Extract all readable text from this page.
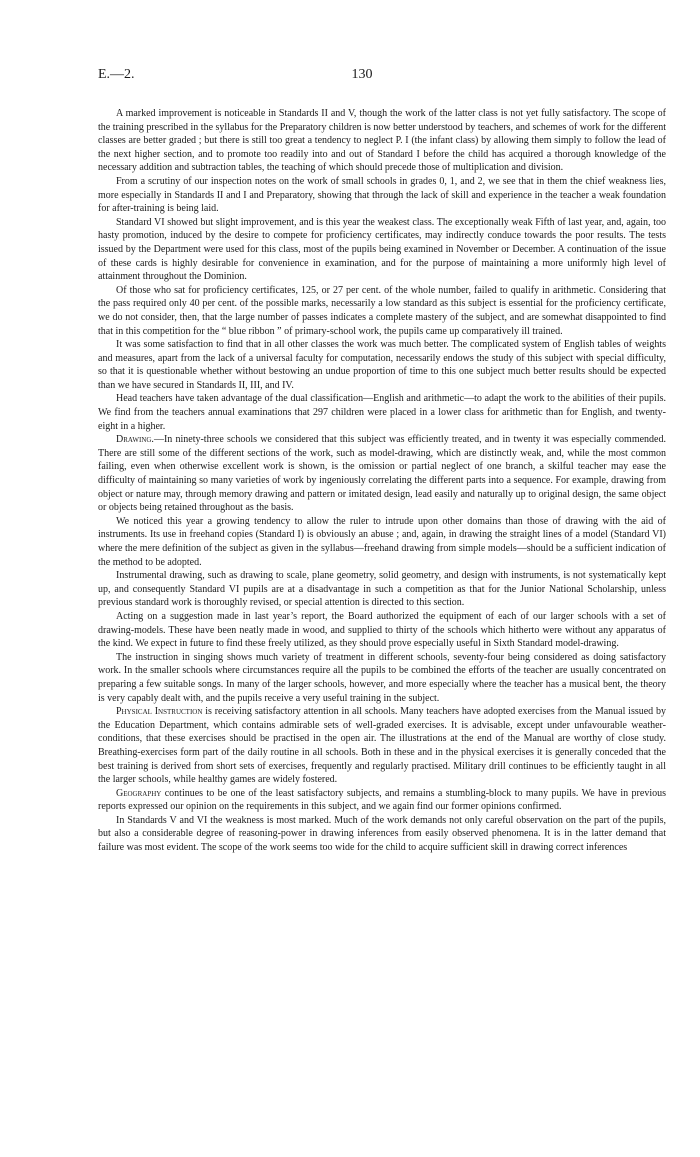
E.—2.	130

A marked improvement is noticeable in Standards II and V, though the work of the latter class is not yet fully satisfactory. The scope of the training prescribed in the syllabus for the Preparatory children is now better understood by teachers, and schemes of work for the different classes are better graded ; but there is still too great a tendency to neglect P. I (the infant class) by allowing them simply to follow the lead of the next higher section, and to promote too readily into and out of Standard I before the child has acquired a thorough knowledge of the necessary addition and subtraction tables, the teaching of which should precede those of multiplication and division.

From a scrutiny of our inspection notes on the work of small schools in grades 0, 1, and 2, we see that in them the chief weakness lies, more especially in Standards II and I and Preparatory, showing that through the lack of skill and experience in the teacher a weak foundation for after-training is being laid.

Standard VI showed but slight improvement, and is this year the weakest class. The exceptionally weak Fifth of last year, and, again, too hasty promotion, induced by the desire to compete for proficiency certificates, may indirectly conduce towards the poor results. The tests issued by the Department were used for this class, most of the pupils being examined in November or December. A continuation of the issue of these cards is highly desirable for convenience in examination, and for the purpose of maintaining a more uniformly high level of attainment throughout the Dominion.

Of those who sat for proficiency certificates, 125, or 27 per cent. of the whole number, failed to qualify in arithmetic. Considering that the pass required only 40 per cent. of the possible marks, necessarily a low standard as this subject is essential for the proficiency certificate, we do not consider, then, that the large number of passes indicates a complete mastery of the subject, and are somewhat disappointed to find that in this competition for the “ blue ribbon ” of primary-school work, the pupils came up comparatively ill trained.

It was some satisfaction to find that in all other classes the work was much better. The complicated system of English tables of weights and measures, apart from the lack of a universal faculty for computation, necessarily endows the study of this subject with special difficulty, so that it is questionable whether without bestowing an undue proportion of time to this one subject much better results should be expected than we have secured in Standards II, III, and IV.

Head teachers have taken advantage of the dual classification—English and arithmetic—to adapt the work to the abilities of their pupils. We find from the teachers annual examinations that 297 children were placed in a lower class for arithmetic than for English, and twenty-eight in a higher.

Drawing.—In ninety-three schools we considered that this subject was efficiently treated, and in twenty it was especially commended. There are still some of the different sections of the work, such as model-drawing, which are distinctly weak, and, while the most common failing, even when otherwise excellent work is shown, is the omission or partial neglect of one branch, a skilful teacher may ease the difficulty of maintaining so many varieties of work by ingeniously correlating the different parts into a sequence. For example, drawing from object or nature may, through memory drawing and pattern or imitated design, lead easily and naturally up to original design, the same object or objects being retained throughout as the basis.

We noticed this year a growing tendency to allow the ruler to intrude upon other domains than those of drawing with the aid of instruments. Its use in freehand copies (Standard I) is obviously an abuse ; and, again, in drawing the straight lines of a model (Standard VI) where the mere definition of the subject as given in the syllabus—freehand drawing from simple models—should be a sufficient indication of the method to be adopted.

Instrumental drawing, such as drawing to scale, plane geometry, solid geometry, and design with instruments, is not systematically kept up, and consequently Standard VI pupils are at a disadvantage in such a competition as that for the Junior National Scholarship, unless previous standard work is thoroughly revised, or special attention is directed to this section.

Acting on a suggestion made in last year’s report, the Board authorized the equipment of each of our larger schools with a set of drawing-models. These have been neatly made in wood, and supplied to thirty of the schools which hitherto were without any apparatus of the kind. We expect in future to find these freely utilized, as they should prove especially useful in Sixth Standard model-drawing.

The instruction in singing shows much variety of treatment in different schools, seventy-four being considered as doing satisfactory work. In the smaller schools where circumstances require all the pupils to be combined the efforts of the teacher are usually concentrated on preparing a few suitable songs. In many of the larger schools, however, and more especially where the teacher has a musical bent, the theory is very capably dealt with, and the pupils receive a very useful training in the subject.

Physical Instruction is receiving satisfactory attention in all schools. Many teachers have adopted exercises from the Manual issued by the Education Department, which contains admirable sets of well-graded exercises. It is advisable, except under unfavourable weather-conditions, that these exercises should be practised in the open air. The illustrations at the end of the Manual are worthy of close study. Breathing-exercises form part of the daily routine in all schools. Both in these and in the physical exercises it is generally conceded that the best training is derived from short sets of exercises, frequently and regularly practised. Military drill continues to be efficiently taught in all the larger schools, while healthy games are widely fostered.

Geography continues to be one of the least satisfactory subjects, and remains a stumbling-block to many pupils. We have in previous reports expressed our opinion on the requirements in this subject, and we again find our former opinions confirmed.

In Standards V and VI the weakness is most marked. Much of the work demands not only careful observation on the part of the pupils, but also a considerable degree of reasoning-power in drawing inferences from easily observed phenomena. It is in the latter demand that failure was most evident. The scope of the work seems too wide for the child to acquire sufficient skill in drawing correct inferences
